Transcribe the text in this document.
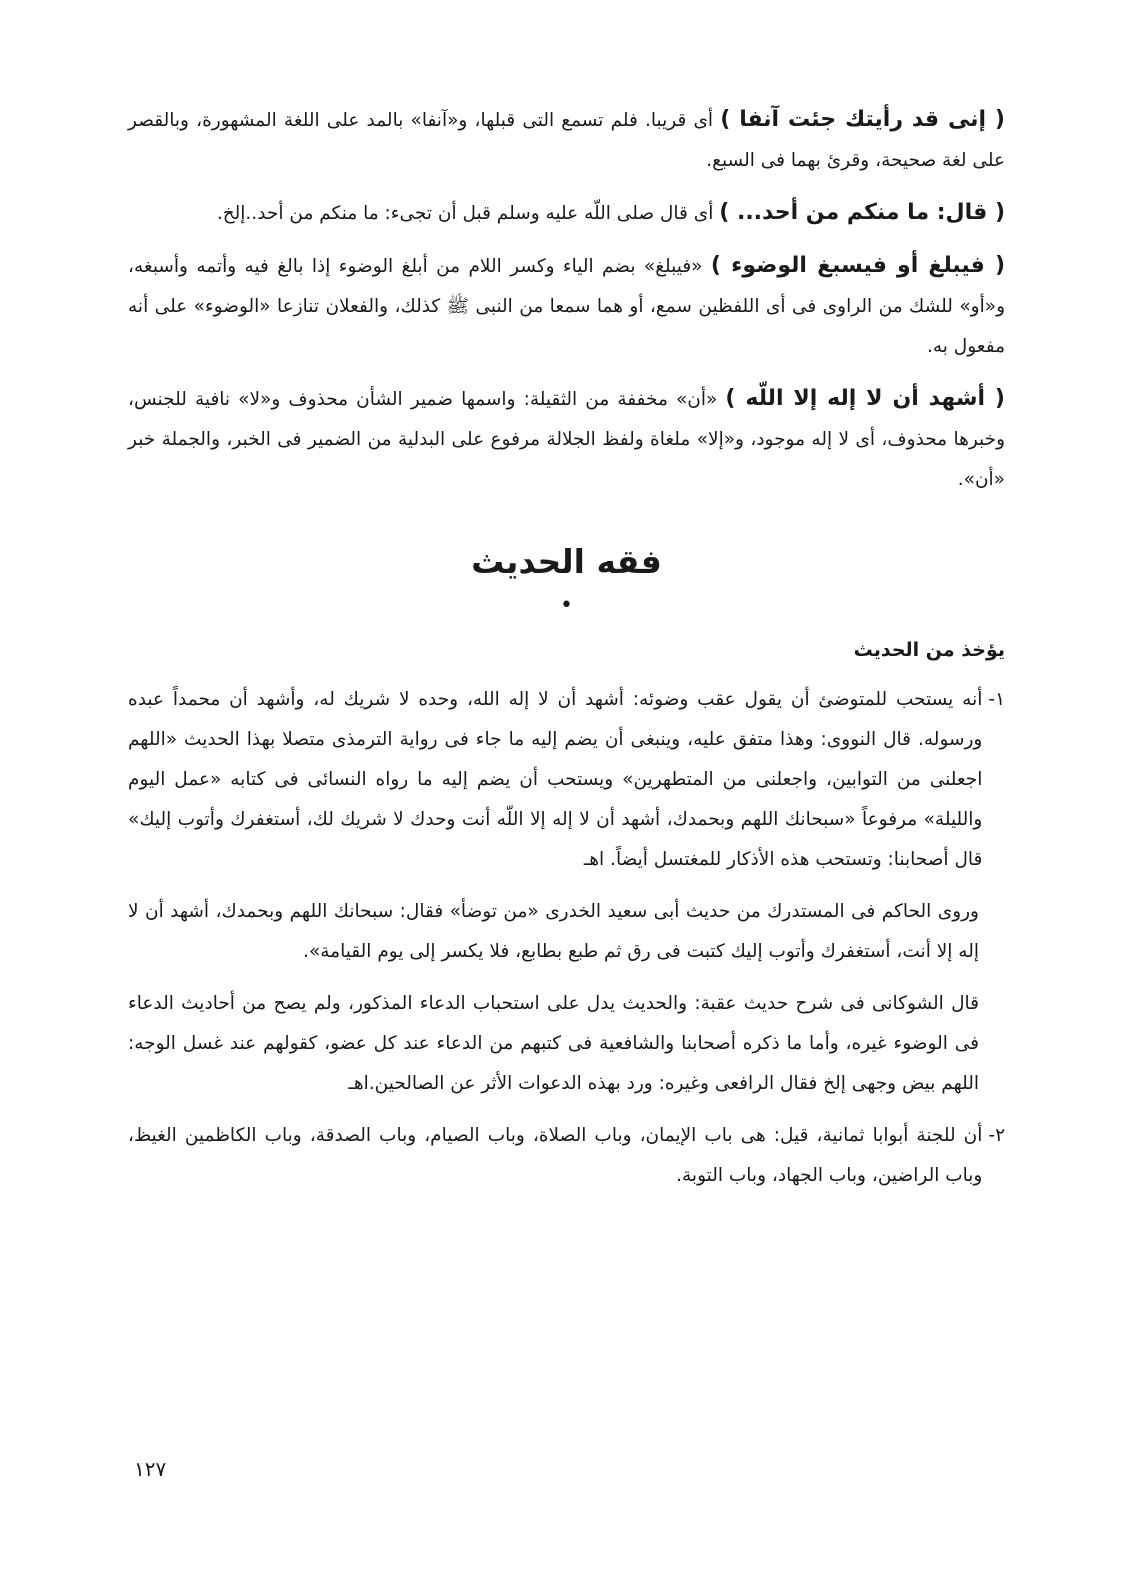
( إنى قد رأيتك جئت آنفا ) أى قريبا. فلم تسمع التى قبلها، و«آنفا» بالمد على اللغة المشهورة، وبالقصر على لغة صحيحة، وقرئ بهما فى السبع.

( قال: ما منكم من أحد... ) أى قال صلى اللّه عليه وسلم قبل أن تجىء: ما منكم من أحد..إلخ.

( فيبلغ أو فيسبغ الوضوء ) «فيبلغ» بضم الياء وكسر اللام من أبلغ الوضوء إذا بالغ فيه وأتمه وأسبغه، و«أو» للشك من الراوى فى أى اللفظين سمع، أو هما سمعا من النبى ﷺ كذلك، والفعلان تنازعا «الوضوء» على أنه مفعول به.

( أشهد أن لا إله إلا اللّه ) «أن» مخففة من الثقيلة: واسمها ضمير الشأن محذوف و«لا» نافية للجنس، وخبرها محذوف، أى لا إله موجود، و«إلا» ملغاة ولفظ الجلالة مرفوع على البدلية من الضمير فى الخبر، والجملة خبر «أن».

فقه الحديث
•
يؤخذ من الحديث
١-
أنه يستحب للمتوضئ أن يقول عقب وضوئه: أشهد أن لا إله الله، وحده لا شريك له، وأشهد أن محمداً عبده ورسوله. قال النووى: وهذا متفق عليه، وينبغى أن يضم إليه ما جاء فى رواية الترمذى متصلا بهذا الحديث «اللهم اجعلنى من التوابين، واجعلنى من المتطهرين» ويستحب أن يضم إليه ما رواه النسائى فى كتابه «عمل اليوم والليلة» مرفوعاً «سبحانك اللهم وبحمدك، أشهد أن لا إله إلا اللّه أنت وحدك لا شريك لك، أستغفرك وأتوب إليك» قال أصحابنا: وتستحب هذه الأذكار للمغتسل أيضاً. اهـ

وروى الحاكم فى المستدرك من حديث أبى سعيد الخدرى «من توضأ» فقال: سبحانك اللهم وبحمدك، أشهد أن لا إله إلا أنت، أستغفرك وأتوب إليك كتبت فى رق ثم طبع بطابع، فلا يكسر إلى يوم القيامة».

قال الشوكانى فى شرح حديث عقبة: والحديث يدل على استحباب الدعاء المذكور، ولم يصح من أحاديث الدعاء فى الوضوء غيره، وأما ما ذكره أصحابنا والشافعية فى كتبهم من الدعاء عند كل عضو، كقولهم عند غسل الوجه: اللهم بيض وجهى إلخ فقال الرافعى وغيره: ورد بهذه الدعوات الأثر عن الصالحين.اهـ

٢-
أن للجنة أبوابا ثمانية، قيل: هى باب الإيمان، وباب الصلاة، وباب الصيام، وباب الصدقة، وباب الكاظمين الغيظ، وباب الراضين، وباب الجهاد، وباب التوبة.
١٢٧
